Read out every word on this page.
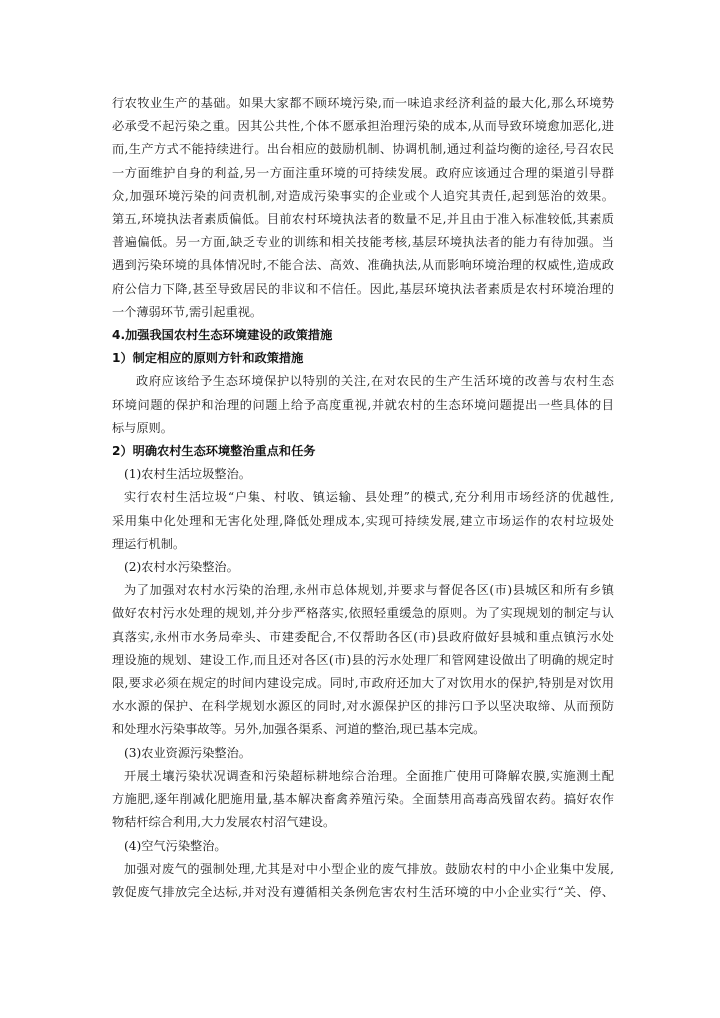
行农牧业生产的基础。如果大家都不顾环境污染,而一味追求经济利益的最大化,那么环境势
必承受不起污染之重。因其公共性,个体不愿承担治理污染的成本,从而导致环境愈加恶化,进
而,生产方式不能持续进行。出台相应的鼓励机制、协调机制,通过利益均衡的途径,号召农民
一方面维护自身的利益,另一方面注重环境的可持续发展。政府应该通过合理的渠道引导群
众,加强环境污染的问责机制,对造成污染事实的企业或个人追究其责任,起到惩治的效果。
第五,环境执法者素质偏低。目前农村环境执法者的数量不足,并且由于准入标准较低,其素质
普遍偏低。另一方面,缺乏专业的训练和相关技能考核,基层环境执法者的能力有待加强。当
遇到污染环境的具体情况时,不能合法、高效、准确执法,从而影响环境治理的权威性,造成政
府公信力下降,甚至导致居民的非议和不信任。因此,基层环境执法者素质是农村环境治理的
一个薄弱环节,需引起重视。
4.加强我国农村生态环境建设的政策措施
1）制定相应的原则方针和政策措施
政府应该给予生态环境保护以特别的关注,在对农民的生产生活环境的改善与农村生态
环境问题的保护和治理的问题上给予高度重视,并就农村的生态环境问题提出一些具体的目
标与原则。
2）明确农村生态环境整治重点和任务
(1)农村生活垃圾整治。
实行农村生活垃圾“户集、村收、镇运输、县处理”的模式,充分利用市场经济的优越性,
采用集中化处理和无害化处理,降低处理成本,实现可持续发展,建立市场运作的农村垃圾处
理运行机制。
(2)农村水污染整治。
为了加强对农村水污染的治理,永州市总体规划,并要求与督促各区(市)县城区和所有乡镇
做好农村污水处理的规划,并分步严格落实,依照轻重缓急的原则。为了实现规划的制定与认
真落实,永州市水务局牵头、市建委配合,不仅帮助各区(市)县政府做好县城和重点镇污水处
理设施的规划、建设工作,而且还对各区(市)县的污水处理厂和管网建设做出了明确的规定时
限,要求必须在规定的时间内建设完成。同时,市政府还加大了对饮用水的保护,特别是对饮用
水水源的保护、在科学规划水源区的同时,对水源保护区的排污口予以坚决取缔、从而预防
和处理水污染事故等。另外,加强各渠系、河道的整治,现已基本完成。
(3)农业资源污染整治。
开展土壤污染状况调查和污染超标耕地综合治理。全面推广使用可降解农膜,实施测土配
方施肥,逐年削减化肥施用量,基本解决畜禽养殖污染。全面禁用高毒高残留农药。搞好农作
物秸杆综合利用,大力发展农村沼气建设。
(4)空气污染整治。
加强对废气的强制处理,尤其是对中小型企业的废气排放。鼓励农村的中小企业集中发展,
敦促废气排放完全达标,并对没有遵循相关条例危害农村生活环境的中小企业实行“关、停、
